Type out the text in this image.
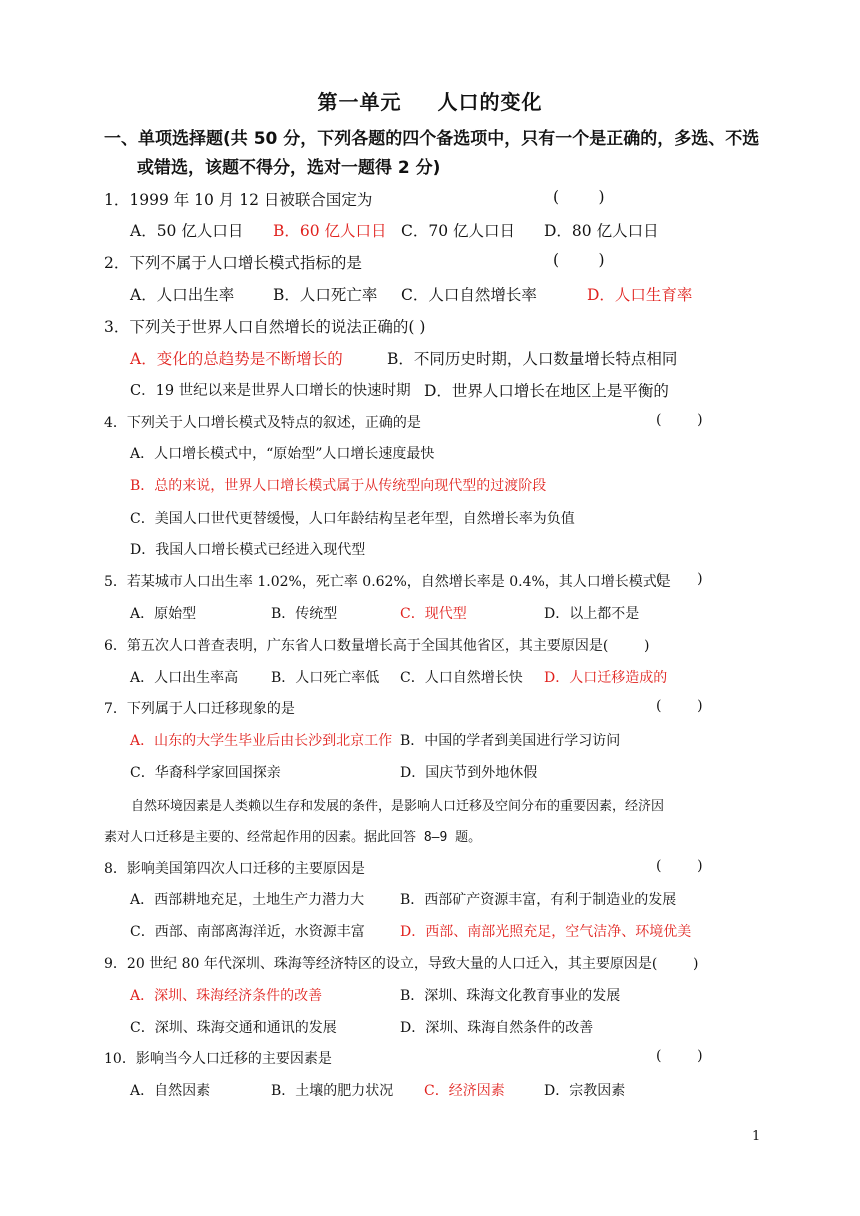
第一单元 人口的变化
一、单项选择题(共 50 分，下列各题的四个备选项中，只有一个是正确的，多选、不选
或错选，该题不得分，选对一题得 2 分)
1．1999 年 10 月 12 日被联合国定为	(        )
A．50 亿人口日 B．60 亿人口日 C．70 亿人口日 D．80 亿人口日
2．下列不属于人口增长模式指标的是	(        )
A．人口出生率	B．人口死亡率 C．人口自然增长率	D．人口生育率
3．下列关于世界人口自然增长的说法正确的( )
A．变化的总趋势是不断增长的	B．不同历史时期，人口数量增长特点相同
C．19 世纪以来是世界人口增长的快速时期 D．世界人口增长在地区上是平衡的
4．下列关于人口增长模式及特点的叙述，正确的是	(        )
A．人口增长模式中，“原始型”人口增长速度最快
B．总的来说，世界人口增长模式属于从传统型向现代型的过渡阶段
C．美国人口世代更替缓慢，人口年龄结构呈老年型，自然增长率为负值
D．我国人口增长模式已经进入现代型
5．若某城市人口出生率 1.02%，死亡率 0.62%，自然增长率是 0.4%，其人口增长模式是
(        )
A．原始型	B．传统型	C．现代型	D．以上都不是
6．第五次人口普查表明，广东省人口数量增长高于全国其他省区，其主要原因是(        )
A．人口出生率高 B．人口死亡率低 C．人口自然增长快 D．人口迁移造成的
7．下列属于人口迁移现象的是	(        )
A．山东的大学生毕业后由长沙到北京工作 B．中国的学者到美国进行学习访问
C．华裔科学家回国探亲	D．国庆节到外地休假
自然环境因素是人类赖以生存和发展的条件，是影响人口迁移及空间分布的重要因素，经济因
素对人口迁移是主要的、经常起作用的因素。据此回答 8—9 题。
8．影响美国第四次人口迁移的主要原因是	(        )
A．西部耕地充足，土地生产力潜力大	B．西部矿产资源丰富，有利于制造业的发展
C．西部、南部离海洋近，水资源丰富	D．西部、南部光照充足，空气洁净、环境优美
9．20 世纪 80 年代深圳、珠海等经济特区的设立，导致大量的人口迁入，其主要原因是(        )
A．深圳、珠海经济条件的改善	B．深圳、珠海文化教育事业的发展
C．深圳、珠海交通和通讯的发展	D．深圳、珠海自然条件的改善
10．影响当今人口迁移的主要因素是	(        )
A．自然因素	B．土壤的肥力状况 C．经济因素	D．宗教因素
1
